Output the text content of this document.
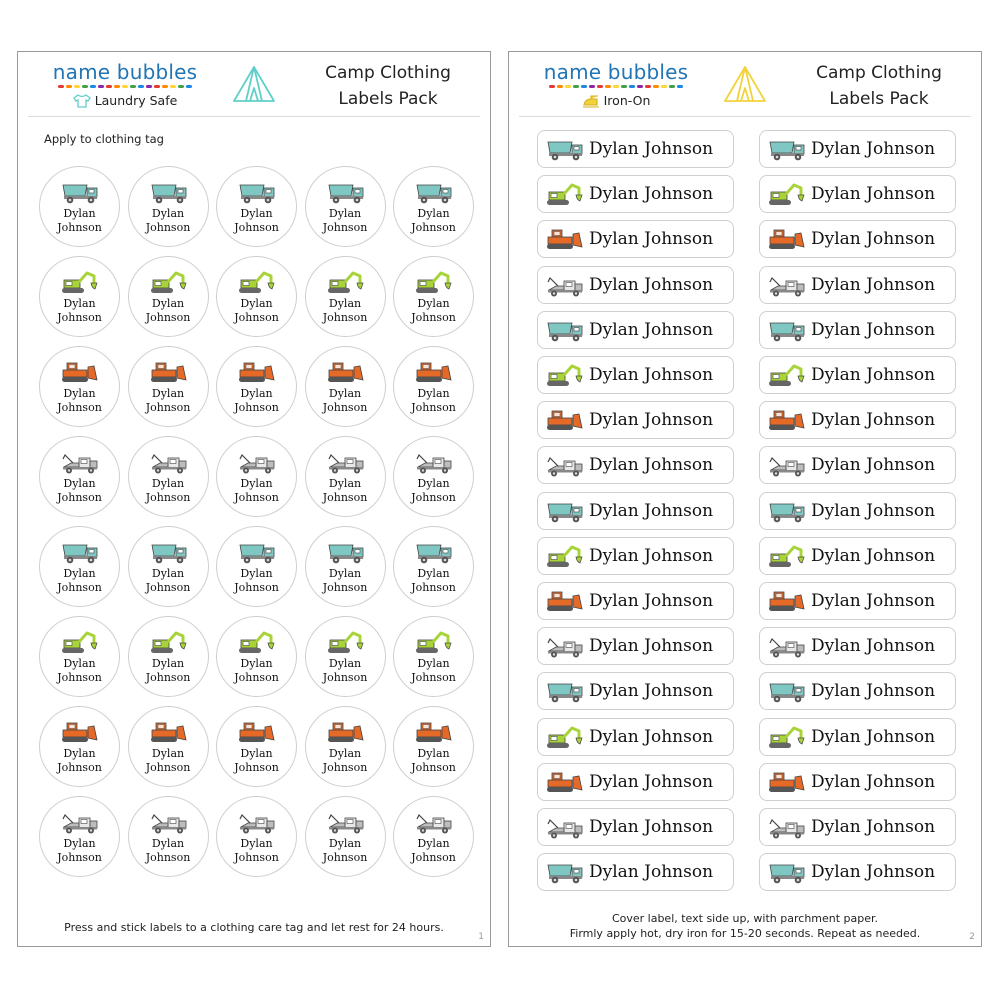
name bubbles
Laundry Safe
Camp Clothing
Labels Pack
Apply to clothing tag
Dylan
Johnson
Dylan
Johnson
Dylan
Johnson
Dylan
Johnson
Dylan
Johnson
Dylan
Johnson
Dylan
Johnson
Dylan
Johnson
Dylan
Johnson
Dylan
Johnson
Dylan
Johnson
Dylan
Johnson
Dylan
Johnson
Dylan
Johnson
Dylan
Johnson
Dylan
Johnson
Dylan
Johnson
Dylan
Johnson
Dylan
Johnson
Dylan
Johnson
Dylan
Johnson
Dylan
Johnson
Dylan
Johnson
Dylan
Johnson
Dylan
Johnson
Dylan
Johnson
Dylan
Johnson
Dylan
Johnson
Dylan
Johnson
Dylan
Johnson
Dylan
Johnson
Dylan
Johnson
Dylan
Johnson
Dylan
Johnson
Dylan
Johnson
Dylan
Johnson
Dylan
Johnson
Dylan
Johnson
Dylan
Johnson
Dylan
Johnson
Press and stick labels to a clothing care tag and let rest for 24 hours.
1
name bubbles
Iron-On
Camp Clothing
Labels Pack
Dylan Johnson	Dylan Johnson
Dylan Johnson	Dylan Johnson
Dylan Johnson	Dylan Johnson
Dylan Johnson	Dylan Johnson
Dylan Johnson	Dylan Johnson
Dylan Johnson	Dylan Johnson
Dylan Johnson	Dylan Johnson
Dylan Johnson	Dylan Johnson
Dylan Johnson	Dylan Johnson
Dylan Johnson	Dylan Johnson
Dylan Johnson	Dylan Johnson
Dylan Johnson	Dylan Johnson
Dylan Johnson	Dylan Johnson
Dylan Johnson	Dylan Johnson
Dylan Johnson	Dylan Johnson
Dylan Johnson	Dylan Johnson
Dylan Johnson	Dylan Johnson
Cover label, text side up, with parchment paper.
Firmly apply hot, dry iron for 15-20 seconds. Repeat as needed.	2
